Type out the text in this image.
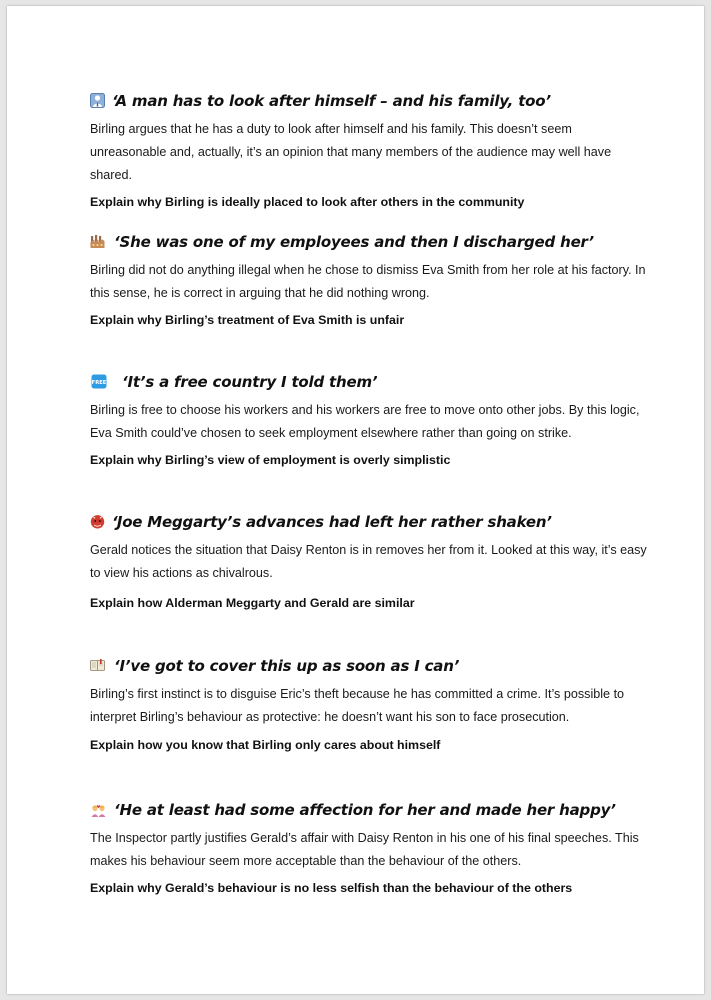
‘A man has to look after himself – and his family, too’

Birling argues that he has a duty to look after himself and his family. This doesn’t seem unreasonable and, actually, it’s an opinion that many members of the audience may well have shared.

Explain why Birling is ideally placed to look after others in the community

‘She was one of my employees and then I discharged her’

Birling did not do anything illegal when he chose to dismiss Eva Smith from her role at his factory. In this sense, he is correct in arguing that he did nothing wrong.

Explain why Birling’s treatment of Eva Smith is unfair

FREE ‘It’s a free country I told them’

Birling is free to choose his workers and his workers are free to move onto other jobs. By this logic, Eva Smith could’ve chosen to seek employment elsewhere rather than going on strike.

Explain why Birling’s view of employment is overly simplistic

‘Joe Meggarty’s advances had left her rather shaken’

Gerald notices the situation that Daisy Renton is in removes her from it. Looked at this way, it’s easy to view his actions as chivalrous.

Explain how Alderman Meggarty and Gerald are similar

‘I’ve got to cover this up as soon as I can’

Birling’s first instinct is to disguise Eric’s theft because he has committed a crime. It’s possible to interpret Birling’s behaviour as protective: he doesn’t want his son to face prosecution.

Explain how you know that Birling only cares about himself

‘He at least had some affection for her and made her happy’

The Inspector partly justifies Gerald’s affair with Daisy Renton in his one of his final speeches. This makes his behaviour seem more acceptable than the behaviour of the others.

Explain why Gerald’s behaviour is no less selfish than the behaviour of the others
